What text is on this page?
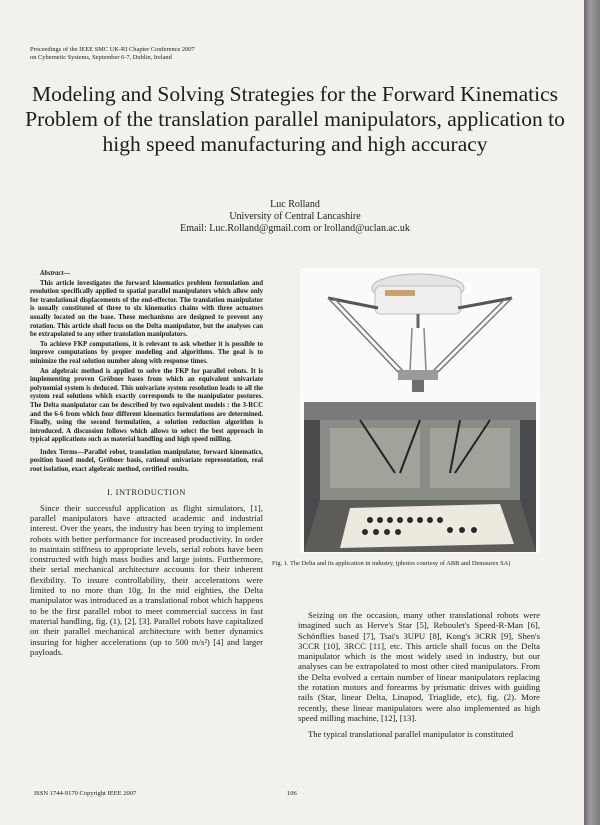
Proceedings of the IEEE SMC UK-RI Chapter Conference 2007
on Cybernetic Systems, September 6-7, Dublin, Ireland
Modeling and Solving Strategies for the Forward Kinematics Problem of the translation parallel manipulators, application to high speed manufacturing and high accuracy
Luc Rolland
University of Central Lancashire
Email: Luc.Rolland@gmail.com or lrolland@uclan.ac.uk

Abstract—

This article investigates the forward kinematics problem formulation and resolution specifically applied to spatial parallel manipulators which allow only for translational displacements of the end-effector. The translation manipulator is usually constituted of three to six kinematics chains with three actuators usually located on the base. These mechanisms are designed to prevent any rotation. This article shall focus on the Delta manipulator, but the analyses can be extrapolated to any other translation manipulators.

To achieve FKP computations, it is relevant to ask whether it is possible to improve computations by proper modeling and algorithms. The goal is to minimize the real solution number along with response times.

An algebraic method is applied to solve the FKP for parallel robots. It is implementing proven Gröbner bases from which an equivalent univariate polynomial system is deduced. This univariate system resolution leads to all the system real solutions which exactly corresponds to the manipulator postures. The Delta manipulator can be described by two equivalent models : the 3-RCC and the 6-6 from which four different kinematics formulations are determined. Finally, using the second formulation, a solution reduction algorithm is introduced. A discussion follows which allows to select the best approach in typical applications such as material handling and high speed milling.

Index Terms—Parallel robot, translation manipulator, forward kinematics, position based model, Gröbner basis, rational univariate representation, real root isolation, exact algebraic method, certified results.
I. INTRODUCTION

Since their successful application as flight simulators, [1], parallel manipulators have attracted academic and industrial interest. Over the years, the industry has been trying to implement robots with better performance for increased productivity. In order to maintain stiffness to appropriate levels, serial robots have been constructed with high mass bodies and large joints. Furthermore, their serial mechanical architecture accounts for their inherent flexibility. To insure controllability, their accelerations were limited to no more than 10g. In the mid eighties, the Delta manipulator was introduced as a translational robot which happens to be the first parallel robot to meet commercial success in fast material handling, fig. (1), [2], [3]. Parallel robots have capitalized on their parallel mechanical architecture with better dynamics insuring for higher accelerations (up to 500 m/s²) [4] and larger payloads.

Fig. 1. The Delta and its application in industry, (photos courtesy of ABB and Demaurex SA)

Seizing on the occasion, many other translational robots were imagined such as Herve's Star [5], Reboulet's Speed-R-Man [6], Schönflies based [7], Tsai's 3UPU [8], Kong's 3CRR [9], Shen's 3CCR [10], 3RCC [11], etc. This article shall focus on the Delta manipulator which is the most widely used in industry, but our analyses can be extrapolated to most other cited manipulators. From the Delta evolved a certain number of linear manipulators replacing the rotation motors and forearms by prismatic drives with guiding rails (Star, linear Delta, Linapod, Triaglide, etc), fig. (2). More recently, these linear manipulators were also implemented as high speed milling machine, [12], [13].

The typical translational parallel manipulator is constituted

ISSN 1744-9170 Copyright IEEE 2007	106
